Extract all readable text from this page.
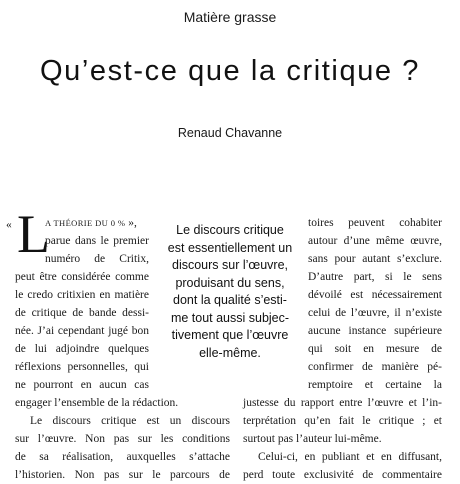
Matière grasse
Qu’est-ce que la critique ?
Renaud Chavanne
« L
A THÉORIE DU 0 % »,
parue dans le premier
numéro de Critix,
peut être considérée comme
le credo critixien en matière
de critique de bande dessi-
née. J’ai cependant jugé bon
de lui adjoindre quelques
réflexions personnelles, qui
ne pourront en aucun cas
engager l’ensemble de la rédaction.
Le discours critique est un discours
sur l’œuvre. Non pas sur les conditions
de sa réalisation, auxquelles s’attache
l’historien. Non pas sur le parcours de
toires peuvent cohabiter
autour d’une même œuvre,
sans pour autant s’exclure.
D’autre part, si le sens
dévoilé est nécessairement
celui de l’œuvre, il n’existe
aucune instance supérieure
qui soit en mesure de
confirmer de manière pé-
remptoire et certaine la
justesse du rapport entre l’œuvre et l’in-
terprétation qu’en fait le critique ; et
surtout pas l’auteur lui-même.
Celui-ci, en publiant et en diffusant,
perd toute exclusivité de commentaire
Le discours critique
est essentiellement un
discours sur l’œuvre,
produisant du sens,
dont la qualité s’esti-
me tout aussi subjec-
tivement que l’œuvre
elle-même.
